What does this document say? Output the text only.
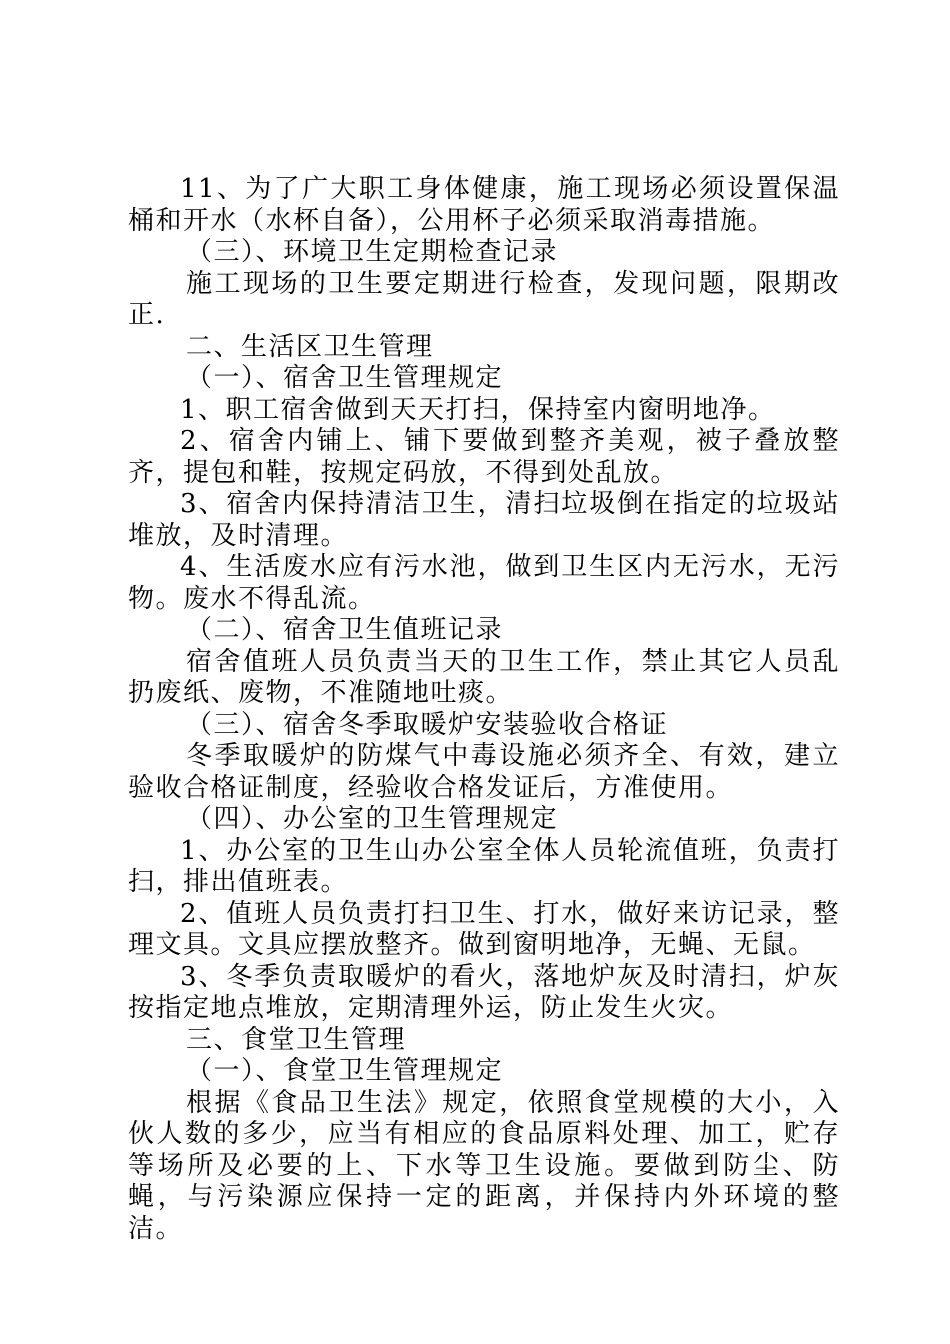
11、为了广大职工身体健康，施工现场必须设置保温桶和开水（水杯自备），公用杯子必须采取消毒措施。

（三）、环境卫生定期检查记录

施工现场的卫生要定期进行检查，发现问题，限期改正.

二、生活区卫生管理

（一）、宿舍卫生管理规定

1、职工宿舍做到天天打扫，保持室内窗明地净。

2、宿舍内铺上、铺下要做到整齐美观，被子叠放整齐，提包和鞋，按规定码放，不得到处乱放。

3、宿舍内保持清洁卫生，清扫垃圾倒在指定的垃圾站堆放，及时清理。

4、生活废水应有污水池，做到卫生区内无污水，无污物。废水不得乱流。

（二）、宿舍卫生值班记录

宿舍值班人员负责当天的卫生工作，禁止其它人员乱扔废纸、废物，不准随地吐痰。

（三）、宿舍冬季取暖炉安装验收合格证

冬季取暖炉的防煤气中毒设施必须齐全、有效，建立验收合格证制度，经验收合格发证后，方准使用。

（四）、办公室的卫生管理规定

1、办公室的卫生山办公室全体人员轮流值班，负责打扫，排出值班表。

2、值班人员负责打扫卫生、打水，做好来访记录，整理文具。文具应摆放整齐。做到窗明地净，无蝇、无鼠。

3、冬季负责取暖炉的看火，落地炉灰及时清扫，炉灰按指定地点堆放，定期清理外运，防止发生火灾。

三、食堂卫生管理

（一）、食堂卫生管理规定

根据《食品卫生法》规定，依照食堂规模的大小，入伙人数的多少，应当有相应的食品原料处理、加工，贮存等场所及必要的上、下水等卫生设施。要做到防尘、防蝇，与污染源应保持一定的距离，并保持内外环境的整洁。
